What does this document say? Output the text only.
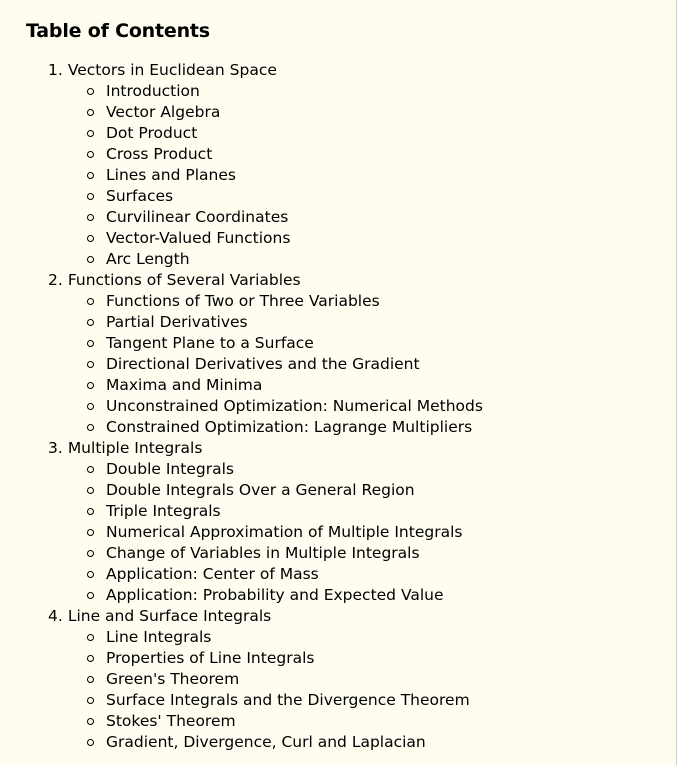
Table of Contents
1 . Vectors in Euclidean Space
Introduction
Vector Algebra
Dot Product
Cross Product
Lines and Planes
Surfaces
Curvilinear Coordinates
Vector-Valued Functions
Arc Length
2 . Functions of Several Variables
Functions of Two or Three Variables
Partial Derivatives
Tangent Plane to a Surface
Directional Derivatives and the Gradient
Maxima and Minima
Unconstrained Optimization: Numerical Methods
Constrained Optimization: Lagrange Multipliers
3 . Multiple Integrals
Double Integrals
Double Integrals Over a General Region
Triple Integrals
Numerical Approximation of Multiple Integrals
Change of Variables in Multiple Integrals
Application: Center of Mass
Application: Probability and Expected Value
4 . Line and Surface Integrals
Line Integrals
Properties of Line Integrals
Green's Theorem
Surface Integrals and the Divergence Theorem
Stokes' Theorem
Gradient, Divergence, Curl and Laplacian
